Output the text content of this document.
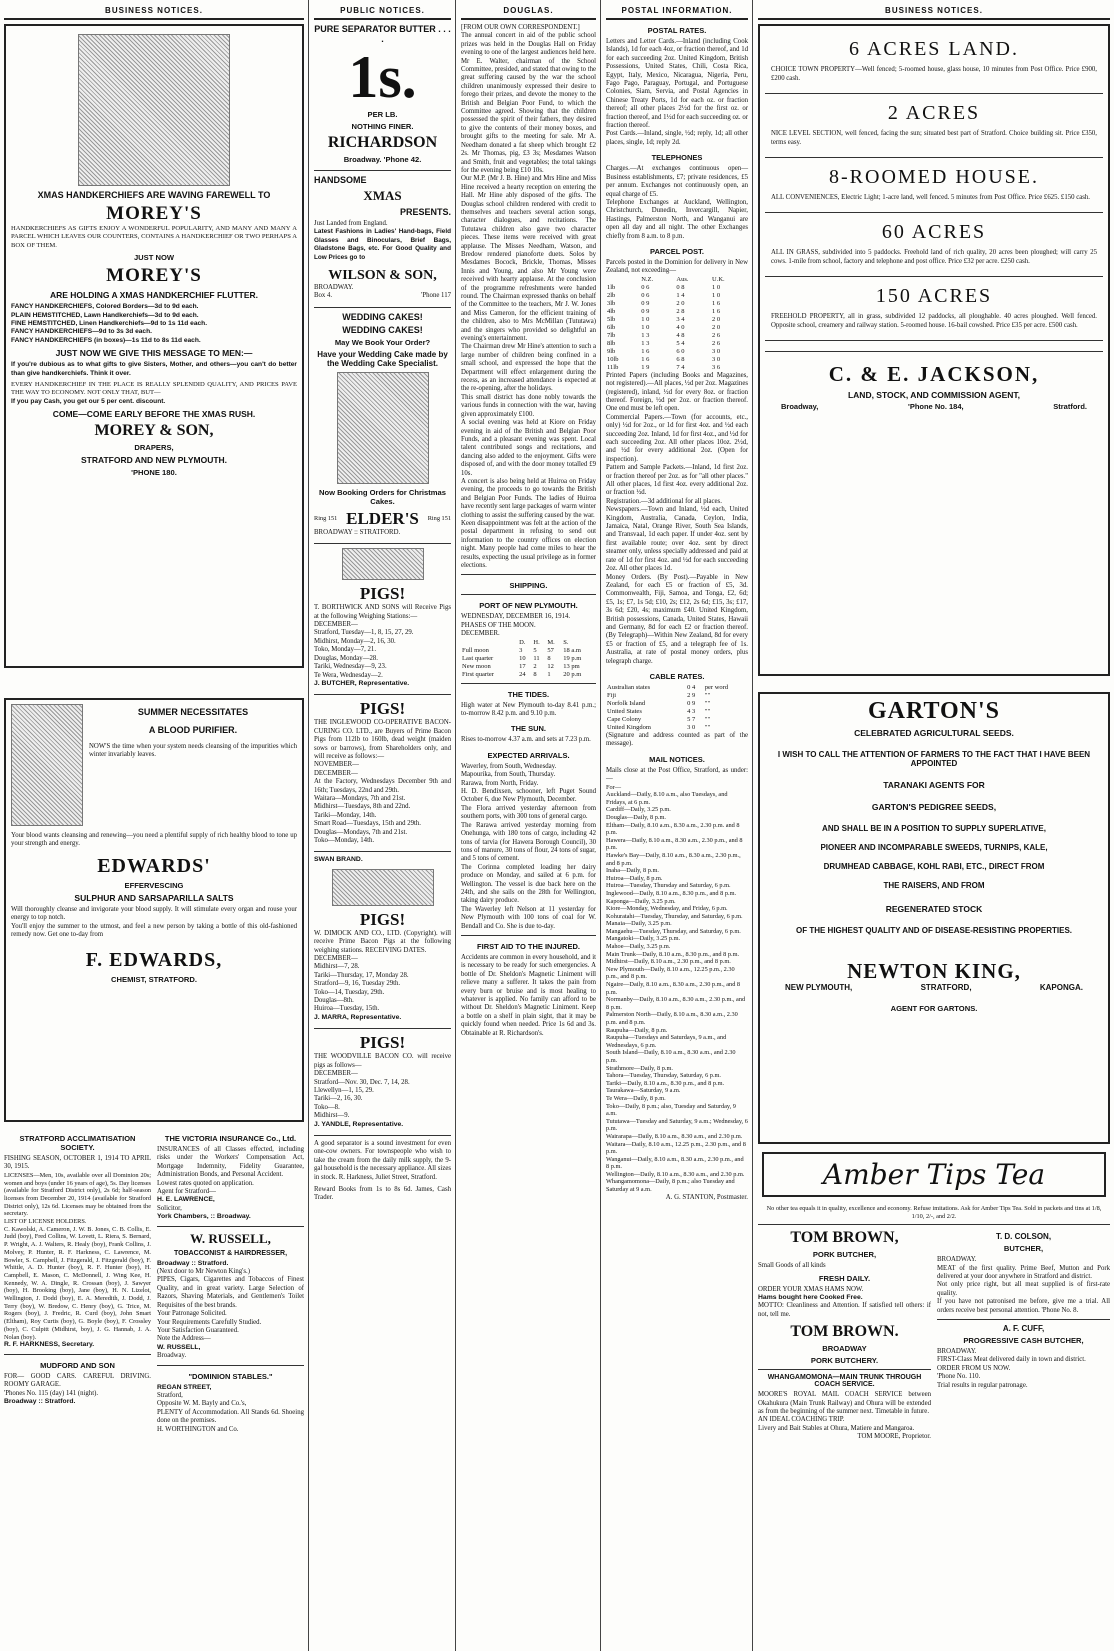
BUSINESS NOTICES.
XMAS HANDKERCHIEFS ARE WAVING FAREWELL TO
MOREY'S
HANDKERCHIEFS AS GIFTS ENJOY A WONDERFUL POPULARITY, AND MANY AND MANY A PARCEL WHICH LEAVES OUR COUNTERS, CONTAINS A HANDKERCHIEF OR TWO PERHAPS A BOX OF THEM.
JUST NOW
MOREY'S
ARE HOLDING A XMAS HANDKERCHIEF FLUTTER.
FANCY HANDKERCHIEFS, Colored Borders—3d to 9d each.
PLAIN HEMSTITCHED, Lawn Handkerchiefs—3d to 9d each.
FINE HEMSTITCHED, Linen Handkerchiefs—9d to 1s 11d each.
FANCY HANDKERCHIEFS—9d to 3s 3d each.
FANCY HANDKERCHIEFS (in boxes)—1s 11d to 8s 11d each.
JUST NOW WE GIVE THIS MESSAGE TO MEN:—
If you're dubious as to what gifts to give Sisters, Mother, and others—you can't do better than give handkerchiefs. Think it over.
EVERY HANDKERCHIEF IN THE PLACE IS REALLY SPLENDID QUALITY, AND PRICES PAVE THE WAY TO ECONOMY. NOT ONLY THAT, BUT—
If you pay Cash, you get our 5 per cent. discount.
COME—COME EARLY BEFORE THE XMAS RUSH.
MOREY & SON,
DRAPERS,
STRATFORD AND NEW PLYMOUTH.
'PHONE 180.
SUMMER NECESSITATES
A BLOOD PURIFIER.
NOW'S the time when your system needs cleansing of the impurities which winter invariably leaves.
Your blood wants cleansing and renewing—you need a plentiful supply of rich healthy blood to tone up your strength and energy.
EDWARDS'
EFFERVESCING
SULPHUR AND SARSAPARILLA SALTS
Will thoroughly cleanse and invigorate your blood supply. It will stimulate every organ and rouse your energy to top notch.
You'll enjoy the summer to the utmost, and feel a new person by taking a bottle of this old-fashioned remedy now. Get one to-day from
F. EDWARDS,
CHEMIST, STRATFORD.
STRATFORD ACCLIMATISATION SOCIETY.
FISHING SEASON, OCTOBER 1, 1914 TO APRIL 30, 1915.
LICENSES—Men, 10s, available over all Dominion 20s; women and boys (under 16 years of age), 5s. Day licenses (available for Stratford District only), 2s 6d; half-season licenses from December 20, 1914 (available for Stratford District only), 12s 6d. Licenses may be obtained from the secretary.
LIST OF LICENSE HOLDERS.
C. Kawolski, A. Cameron, J. W. B. Jones, C. B. Collis, E. Judd (boy), Fred Collins, W. Lovett, L. Riera, S. Bernard, P. Wright, A. J. Walters, R. Healy (boy), Frank Collins, J. Molvey, P. Hunter, R. F. Harkness, C. Lawrence, M. Bowler, S. Campbell, J. Fitzgerald, J. Fitzgerald (boy), F. Whittle, A. D. Hunter (boy), R. F. Hunter (boy), H. Campbell, E. Mason, C. McDonnell, J. Wing Kee, H. Kennedy, W. A. Dingle, R. Crossan (boy), J. Sawyer (boy), H. Brooking (boy), Jane (boy), H. N. Lizelot, Wellington, J. Dodd (boy), E. A. Meredith, J. Dodd, J. Terry (boy), W. Bredow, C. Henry (boy), G. Trice, M. Rogers (boy), J. Fredric, R. Curd (boy), John Smart (Eltham), Roy Curtis (boy), G. Boyle (boy), F. Crossley (boy), C. Culpitt (Midhirst, boy), J. G. Hannab, J. A. Nolan (boy).
R. F. HARKNESS, Secretary.
MUDFORD AND SON
FOR— GOOD CARS. CAREFUL DRIVING. ROOMY GARAGE.
'Phones No. 115 (day) 141 (night).
Broadway :: Stratford.
THE VICTORIA INSURANCE Co., Ltd.
INSURANCES of all Classes effected, including risks under the Workers' Compensation Act, Mortgage Indemnity, Fidelity Guarantee, Administration Bonds, and Personal Accident.
Lowest rates quoted on application.
Agent for Stratford—
H. E. LAWRENCE,
Solicitor,
York Chambers, :: Broadway.
W. RUSSELL,
TOBACCONIST & HAIRDRESSER,
Broadway :: Stratford.
(Next door to Mr Newton King's.)
PIPES, Cigars, Cigarettes and Tobaccos of Finest Quality, and in great variety. Large Selection of Razors, Shaving Materials, and Gentlemen's Toilet Requisites of the best brands.
Your Patronage Solicited.
Your Requirements Carefully Studied.
Your Satisfaction Guaranteed.
Note the Address—
W. RUSSELL,
Broadway.
"DOMINION STABLES."
REGAN STREET,
Stratford,
Opposite W. M. Bayly and Co.'s,
PLENTY of Accommodation. All Stands 6d. Shoeing done on the premises.
H. WORTHINGTON and Co.
PUBLIC NOTICES.
PURE SEPARATOR BUTTER . . . .
1s.
PER LB.
NOTHING FINER.
RICHARDSON
Broadway. 'Phone 42.
HANDSOME
XMAS
PRESENTS.
Just Landed from England.
Latest Fashions in Ladies' Hand-bags, Field Glasses and Binoculars, Brief Bags, Gladstone Bags, etc. For Good Quality and Low Prices go to
WILSON & SON,
BROADWAY.
Box 4.	'Phone 117
WEDDING CAKES!
WEDDING CAKES!
May We Book Your Order?
Have your Wedding Cake made by the Wedding Cake Specialist.
Now Booking Orders for Christmas Cakes.
Ring 151 ELDER'S Ring 151
BROADWAY :: STRATFORD.
PIGS!
T. BORTHWICK AND SONS will Receive Pigs at the following Weighing Stations:—
DECEMBER—
Stratford, Tuesday—1, 8, 15, 27, 29.
Midhirst, Monday—2, 16, 30.
Toko, Monday—7, 21.
Douglas, Monday—28.
Tariki, Wednesday—9, 23.
Te Wera, Wednesday—2.
J. BUTCHER, Representative.
PIGS!
THE INGLEWOOD CO-OPERATIVE BACON-CURING CO. LTD., are Buyers of Prime Bacon Pigs from 112lb to 160lb, dead weight (maiden sows or barrows), from Shareholders only, and will receive as follows:—
NOVEMBER—
DECEMBER—
At the Factory, Wednesdays December 9th and 16th; Tuesdays, 22nd and 29th.
Waitara—Mondays, 7th and 21st.
Midhirst—Tuesdays, 8th and 22nd.
Tariki—Monday, 14th.
Smart Road—Tuesdays, 15th and 29th.
Douglas—Mondays, 7th and 21st.
Toko—Monday, 14th.
SWAN BRAND.
PIGS!
W. DIMOCK AND CO., LTD. (Copyright). will receive Prime Bacon Pigs at the following weighing stations. RECEIVING DATES.
DECEMBER—
Midhirst—7, 28.
Tariki—Thursday, 17, Monday 28.
Stratford—9, 16, Tuesday 29th.
Toko—14, Tuesday, 29th.
Douglas—8th.
Huiroa—Tuesday, 15th.
J. MARRA, Representative.
PIGS!
THE WOODVILLE BACON CO. will receive pigs as follows—
DECEMBER—
Stratford—Nov. 30, Dec. 7, 14, 28.
Llewellyn—1, 15, 29.
Tariki—2, 16, 30.
Toko—8.
Midhirst—9.
J. YANDLE, Representative.
A good separator is a sound investment for even one-cow owners. For townspeople who wish to take the cream from the daily milk supply, the 9-gal household is the necessary appliance. All sizes in stock. R. Harkness, Juliet Street, Stratford.
Reward Books from 1s to 8s 6d. James, Cash Trader.
DOUGLAS.
[FROM OUR OWN CORRESPONDENT.]
The annual concert in aid of the public school prizes was held in the Douglas Hall on Friday evening to one of the largest audiences held here. Mr E. Walter, chairman of the School Committee, presided, and stated that owing to the great suffering caused by the war the school children unanimously expressed their desire to forego their prizes, and devote the money to the British and Belgian Poor Fund, to which the Committee agreed. Showing that the children possessed the spirit of their fathers, they desired to give the contents of their money boxes, and brought gifts to the meeting for sale. Mr A. Needham donated a fat sheep which brought £2 2s. Mr Thomas, pig, £3 3s; Mesdames Watson and Smith, fruit and vegetables; the total takings for the evening being £10 10s.
Our M.P. (Mr J. B. Hine) and Mrs Hine and Miss Hine received a hearty reception on entering the Hall. Mr Hine ably disposed of the gifts. The Douglas school children rendered with credit to themselves and teachers several action songs, character dialogues, and recitations. The Tututawa children also gave two character pieces. These items were received with great applause. The Misses Needham, Watson, and Bredow rendered pianoforte duets. Solos by Mesdames Bocock, Brickle, Thomas, Misses Innis and Young, and also Mr Young were received with hearty applause. At the conclusion of the programme refreshments were handed round. The Chairman expressed thanks on behalf of the Committee to the teachers, Mr J. W. Jones and Miss Cameron, for the efficient training of the children, also to Mrs McMillan (Tututawa) and the singers who provided so delightful an evening's entertainment.
The Chairman drew Mr Hine's attention to such a large number of children being confined in a small school, and expressed the hope that the Department will effect enlargement during the recess, as an increased attendance is expected at the re-opening, after the holidays.
This small district has done nobly towards the various funds in connection with the war, having given approximately £100.
A social evening was held at Kiore on Friday evening in aid of the British and Belgian Poor Funds, and a pleasant evening was spent. Local talent contributed songs and recitations, and dancing also added to the enjoyment. Gifts were disposed of, and with the door money totalled £9 10s.
A concert is also being held at Huiroa on Friday evening, the proceeds to go towards the British and Belgian Poor Funds. The ladies of Huiroa have recently sent large packages of warm winter clothing to assist the suffering caused by the war.
Keen disappointment was felt at the action of the postal department in refusing to send out information to the country offices on election night. Many people had come miles to hear the results, expecting the usual privilege as in former elections.
SHIPPING.
PORT OF NEW PLYMOUTH.
WEDNESDAY, DECEMBER 16, 1914.
PHASES OF THE MOON.
DECEMBER.
	D.	H.	M.	S.
Full moon	3	5	57	18 a.m
Last quarter	10	11	8	19 p.m
New moon	17	2	12	13 pm
First quarter	24	8	1	20 p.m
THE TIDES.
High water at New Plymouth to-day 8.41 p.m.; to-morrow 8.42 p.m. and 9.10 p.m.
THE SUN.
Rises to-morrow 4.37 a.m. and sets at 7.23 p.m.
EXPECTED ARRIVALS.
Waverley, from South, Wednesday.
Mapourika, from South, Thursday.
Rarawa, from North, Friday.
H. D. Bendixsen, schooner, left Puget Sound October 6, due New Plymouth, December.
The Flora arrived yesterday afternoon from southern ports, with 300 tons of general cargo.
The Rarawa arrived yesterday morning from Onehunga, with 180 tons of cargo, including 42 tons of tarvia (for Hawera Borough Council), 30 tons of manure, 30 tons of flour, 24 tons of sugar, and 5 tons of cement.
The Corinna completed loading her dairy produce on Monday, and sailed at 6 p.m. for Wellington. The vessel is due back here on the 24th, and she sails on the 28th for Wellington, taking dairy produce.
The Waverley left Nelson at 11 yesterday for New Plymouth with 100 tons of coal for W. Bendall and Co. She is due to-day.
FIRST AID TO THE INJURED.
Accidents are common in every household, and it is necessary to be ready for such emergencies. A bottle of Dr. Sheldon's Magnetic Liniment will relieve many a sufferer. It takes the pain from every burn or bruise and is most healing to whatever is applied. No family can afford to be without Dr. Sheldon's Magnetic Liniment. Keep a bottle on a shelf in plain sight, that it may be quickly found when needed. Price 1s 6d and 3s. Obtainable at R. Richardson's.
POSTAL INFORMATION.
POSTAL RATES.
Letters and Letter Cards.—Inland (including Cook Islands), 1d for each 4oz, or fraction thereof, and 1d for each succeeding 2oz. United Kingdom, British Possessions, United States, Chili, Costa Rica, Egypt, Italy, Mexico, Nicaragua, Nigeria, Peru, Fago Pago, Paraguay, Portugal, and Portuguese Colonies, Siam, Servia, and Postal Agencies in Chinese Treaty Ports, 1d for each oz. or fraction thereof; all other places 2½d for the first oz. or fraction thereof, and 1½d for each succeeding oz. or fraction thereof.
Post Cards.—Inland, single, ½d; reply, 1d; all other places, single, 1d; reply 2d.
TELEPHONES
Charges.—At exchanges continuous open—Business establishments, £7; private residences, £5 per annum. Exchanges not continuously open, an equal charge of £5.
Telephone Exchanges at Auckland, Wellington, Christchurch, Dunedin, Invercargill, Napier, Hastings, Palmerston North, and Wanganui are open all day and all night. The other Exchanges chiefly from 8 a.m. to 8 p.m.
PARCEL POST.
Parcels posted in the Dominion for delivery in New Zealand, not exceeding—
	N.Z.	Aus.	U.K.
1lb	0 6	0 8	1 0
2lb	0 6	1 4	1 0
3lb	0 9	2 0	1 6
4lb	0 9	2 8	1 6
5lb	1 0	3 4	2 0
6lb	1 0	4 0	2 0
7lb	1 3	4 8	2 6
8lb	1 3	5 4	2 6
9lb	1 6	6 0	3 0
10lb	1 6	6 8	3 0
11lb	1 9	7 4	3 6
Printed Papers (including Books and Magazines, not registered).—All places, ½d per 2oz. Magazines (registered), inland, ½d for every 8oz. or fraction thereof. Foreign, ½d per 2oz. or fraction thereof. One end must be left open.
Commercial Papers.—Town (for accounts, etc., only) ½d for 2oz., or 1d for first 4oz. and ½d each succeeding 2oz. Inland, 1d for first 4oz., and ½d for each succeeding 2oz. All other places 10oz. 2½d, and ½d for every additional 2oz. (Open for inspection).
Pattern and Sample Packets.—Inland, 1d first 2oz. or fraction thereof per 2oz. as for "all other places." All other places, 1d first 4oz. every additional 2oz. or fraction ½d.
Registration.—3d additional for all places.
Newspapers.—Town and Inland, ½d each, United Kingdom, Australia, Canada, Ceylon, India, Jamaica, Natal, Orange River, South Sea Islands, and Transvaal, 1d each paper. If under 4oz. sent by first available route; over 4oz. sent by direct steamer only, unless specially addressed and paid at rate of 1d for first 4oz. and ½d for each succeeding 2oz. All other places 1d.
Money Orders. (By Post).—Payable in New Zealand, for each £5 or fraction of £5, 3d. Commonwealth, Fiji, Samoa, and Tonga, £2, 6d; £5, 1s; £7, 1s 5d; £10, 2s; £12, 2s 6d; £15, 3s; £17, 3s 6d; £20, 4s; maximum £40. United Kingdom, British possessions, Canada, United States, Hawaii and Germany, 8d for each £2 or fraction thereof. (By Telegraph)—Within New Zealand, 8d for every £5 or fraction of £5, and a telegraph fee of 1s. Australia, at rate of postal money orders, plus telegraph charge.
CABLE RATES.
Australian states	0 4	per word
Fiji	2 9	""
Norfolk Island	0 9	""
United States	4 3	""
Cape Colony	5 7	""
United Kingdom	3 0	""
(Signature and address counted as part of the message).
MAIL NOTICES.
Mails close at the Post Office, Stratford, as under:—
For—
Auckland—Daily, 8.10 a.m., also Tuesdays, and Fridays, at 6 p.m.
Cardiff—Daily, 3.25 p.m.
Douglas—Daily, 8 p.m.
Eltham—Daily, 8.10 a.m., 8.30 a.m., 2.30 p.m. and 8 p.m.
Hawera—Daily, 8.10 a.m., 8.30 a.m., 2.30 p.m., and 8 p.m.
Hawke's Bay—Daily, 8.10 a.m., 8.30 a.m., 2.30 p.m., and 8 p.m.
Inaha—Daily, 8 p.m.
Huiroa—Daily, 8 p.m.
Huiroa—Tuesday, Thursday and Saturday, 6 p.m.
Inglewood—Daily, 8.10 a.m., 8.30 p.m., and 8 p.m.
Kaponga—Daily, 3.25 p.m.
Kiore—Monday, Wednesday, and Friday, 6 p.m.
Kohuratahi—Tuesday, Thursday, and Saturday, 6 p.m.
Manaia—Daily, 3.25 p.m.
Mangaehu—Tuesday, Thursday, and Saturday, 6 p.m.
Mangatoki—Daily, 3.25 p.m.
Mahoe—Daily, 3.25 p.m.
Main Trunk—Daily, 8.10 a.m., 8.30 p.m., and 8 p.m.
Midhirst—Daily, 8.10 a.m., 2.30 p.m., and 8 p.m.
New Plymouth—Daily, 8.10 a.m., 12.25 p.m., 2.30 p.m., and 8 p.m.
Ngaire—Daily, 8.10 a.m., 8.30 a.m., 2.30 p.m., and 8 p.m.
Normanby—Daily, 8.10 a.m., 8.30 a.m., 2.30 p.m., and 8 p.m.
Palmerston North—Daily, 8.10 a.m., 8.30 a.m., 2.30 p.m. and 8 p.m.
Raupuha—Daily, 8 p.m.
Raupuha—Tuesdays and Saturdays, 9 a.m., and Wednesdays, 6 p.m.
South Island—Daily, 8.10 a.m., 8.30 a.m., and 2.30 p.m.
Strathmore—Daily, 8 p.m.
Tahora—Tuesday, Thursday, Saturday, 6 p.m.
Tariki—Daily, 8.10 a.m., 8.30 p.m., and 8 p.m.
Taurakawa—Saturday, 9 a.m.
Te Wera—Daily, 8 p.m.
Toko—Daily, 8 p.m.; also, Tuesday and Saturday, 9 a.m.
Tututawa—Tuesday and Saturday, 9 a.m.; Wednesday, 6 p.m.
Wairarapa—Daily, 8.10 a.m., 8.30 a.m., and 2.30 p.m.
Waitara—Daily, 8.10 a.m., 12.25 p.m., 2.30 p.m., and 8 p.m.
Wanganui—Daily, 8.10 a.m., 8.30 a.m., 2.30 p.m., and 8 p.m.
Wellington—Daily, 8.10 a.m., 8.30 a.m., and 2.30 p.m.
Whangamomona—Daily, 8 p.m.; also Tuesday and Saturday at 9 a.m.
A. G. STANTON, Postmaster.
BUSINESS NOTICES.
6 ACRES LAND.
CHOICE TOWN PROPERTY—Well fenced; 5-roomed house, glass house, 10 minutes from Post Office. Price £900, £200 cash.
2 ACRES
NICE LEVEL SECTION, well fenced, facing the sun; situated best part of Stratford. Choice building sit. Price £350, terms easy.
8-ROOMED HOUSE.
ALL CONVENIENCES, Electric Light; 1-acre land, well fenced. 5 minutes from Post Office. Price £625. £150 cash.
60 ACRES
ALL IN GRASS, subdivided into 5 paddocks. Freehold land of rich quality, 20 acres been ploughed; will carry 25 cows. 1-mile from school, factory and telephone and post office. Price £32 per acre. £250 cash.
150 ACRES
FREEHOLD PROPERTY, all in grass, subdivided 12 paddocks, all ploughable. 40 acres ploughed. Well fenced. Opposite school, creamery and railway station. 5-roomed house. 16-bail cowshed. Price £35 per acre. £500 cash.
C. & E. JACKSON,
LAND, STOCK, AND COMMISSION AGENT,
Broadway,	'Phone No. 184,	Stratford.
GARTON'S
CELEBRATED AGRICULTURAL SEEDS.
I WISH TO CALL THE ATTENTION OF FARMERS TO THE FACT THAT I HAVE BEEN APPOINTED
TARANAKI AGENTS FOR
GARTON'S PEDIGREE SEEDS,
AND SHALL BE IN A POSITION TO SUPPLY SUPERLATIVE,
PIONEER AND INCOMPARABLE SWEEDS, TURNIPS, KALE,
DRUMHEAD CABBAGE, KOHL RABI, ETC., DIRECT FROM
THE RAISERS, AND FROM
REGENERATED STOCK
OF THE HIGHEST QUALITY AND OF DISEASE-RESISTING PROPERTIES.
NEWTON KING,
NEW PLYMOUTH,	STRATFORD,	KAPONGA.
AGENT FOR GARTONS.
Amber Tips Tea
No other tea equals it in quality, excellence and economy. Refuse imitations. Ask for Amber Tips Tea. Sold in packets and tins at 1/8, 1/10, 2/-, and 2/2.
TOM BROWN,
PORK BUTCHER,
Small Goods of all kinds
FRESH DAILY.
ORDER YOUR XMAS HAMS NOW.
Hams bought here Cooked Free.
MOTTO: Cleanliness and Attention. If satisfied tell others: if not, tell me.
TOM BROWN.
BROADWAY
PORK BUTCHERY.
WHANGAMOMONA—MAIN TRUNK THROUGH COACH SERVICE.
MOORE'S ROYAL MAIL COACH SERVICE between Okahukura (Main Trunk Railway) and Ohura will be extended as from the beginning of the summer next. Timetable in future.
AN IDEAL COACHING TRIP.
Livery and Bait Stables at Ohura, Matiere and Mangaroa.
TOM MOORE, Proprietor.
T. D. COLSON,
BUTCHER,
BROADWAY.
MEAT of the first quality. Prime Beef, Mutton and Pork delivered at your door anywhere in Stratford and district.
Not only price right, but all meat supplied is of first-rate quality.
If you have not patronised me before, give me a trial. All orders receive best personal attention. 'Phone No. 8.
A. F. CUFF,
PROGRESSIVE CASH BUTCHER,
BROADWAY.
FIRST-Class Meat delivered daily in town and district.
ORDER FROM US NOW.
'Phone No. 110.
Trial results in regular patronage.
